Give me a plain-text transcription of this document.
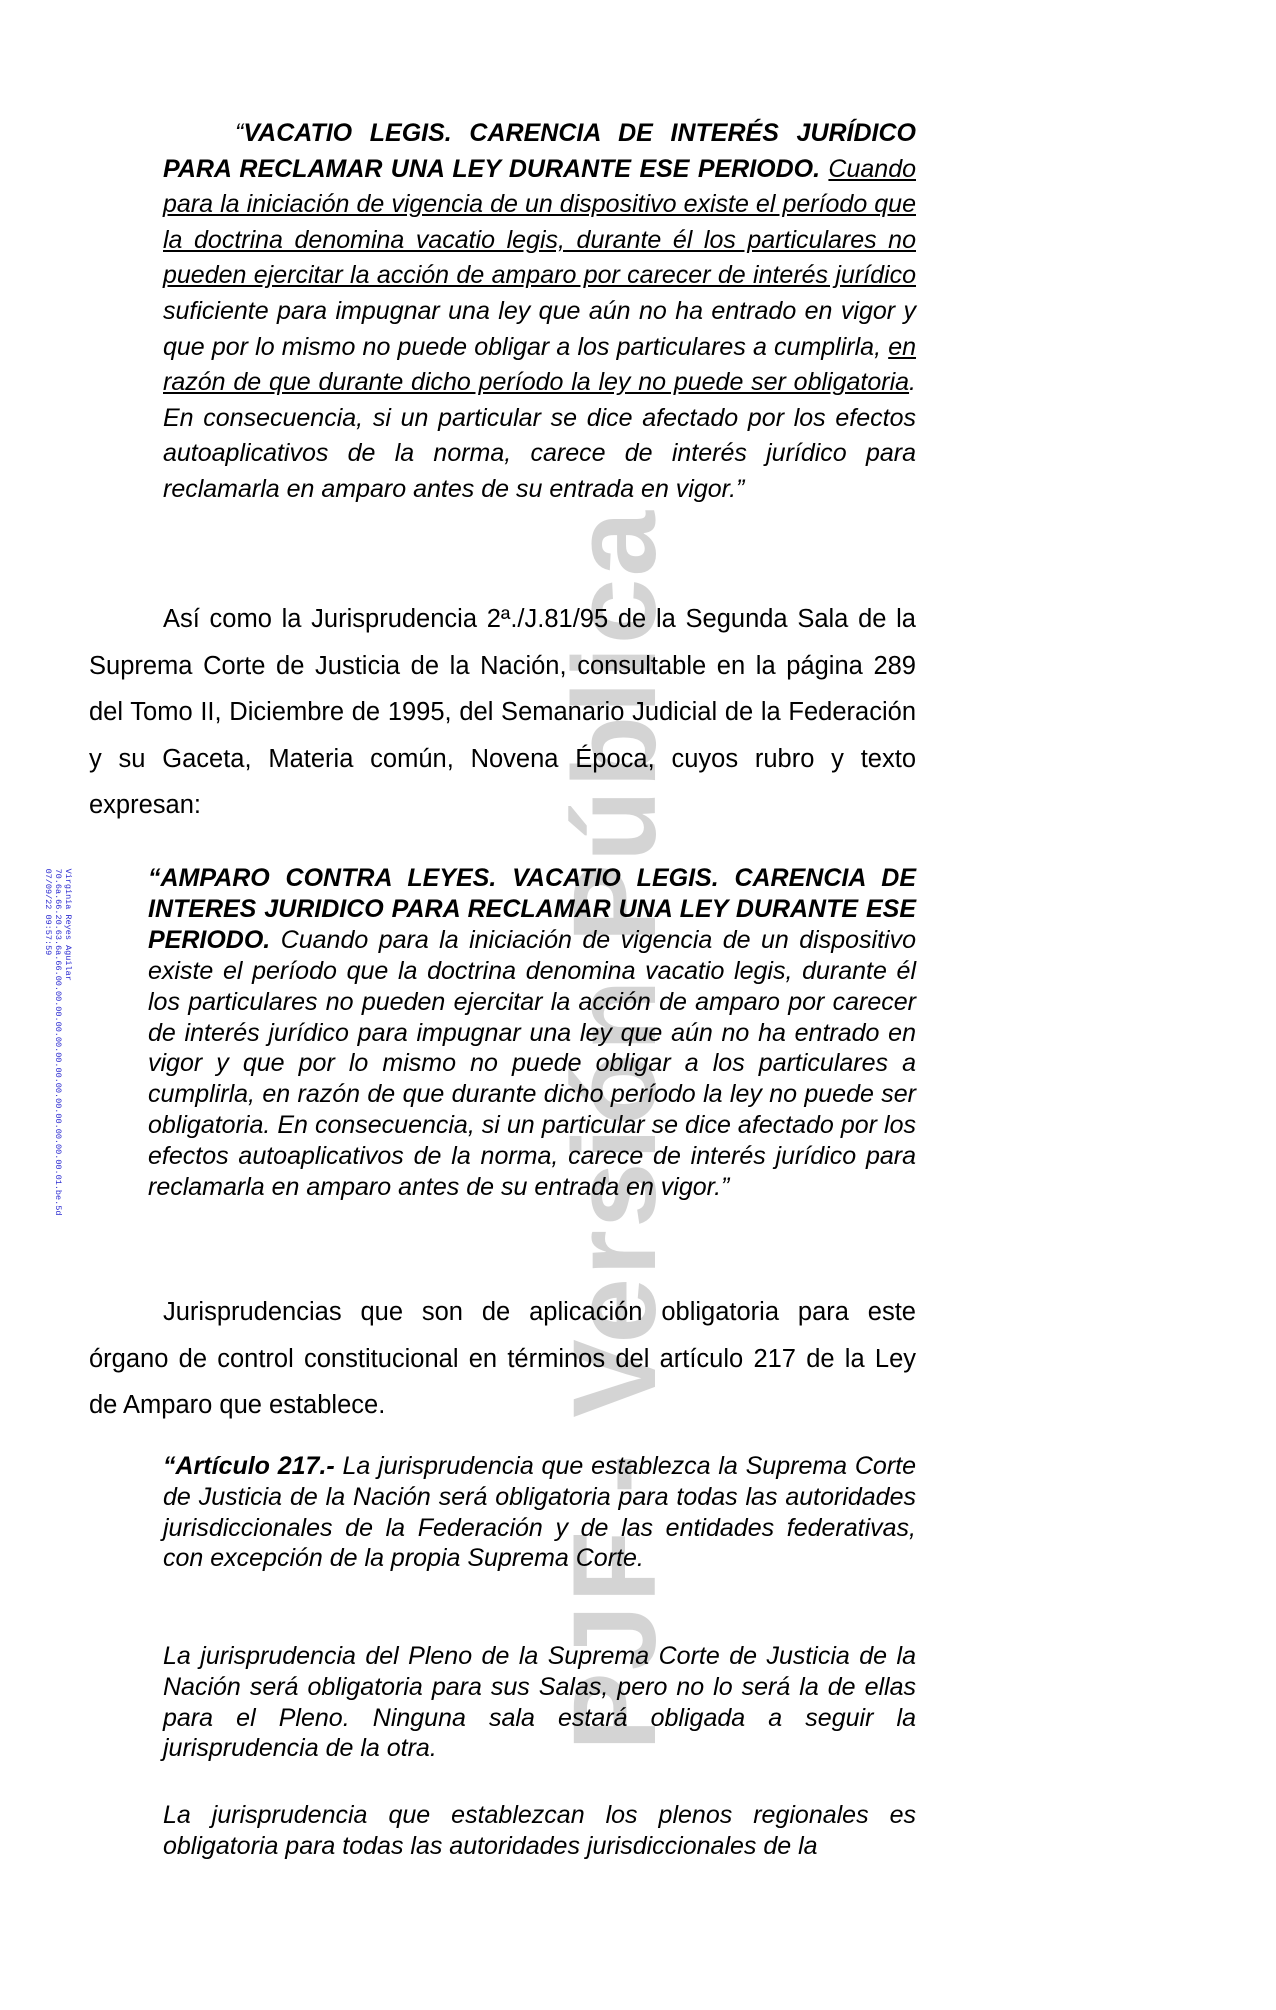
PJF - Versión Pública
Virginia Reyes Aguilar
70.6a.66.20.63.6a.66.00.00.00.00.00.00.00.00.00.00.00.00.00.01.be.5d
07/09/22 09:57:59

“VACATIO LEGIS. CARENCIA DE INTERÉS JURÍDICO PARA RECLAMAR UNA LEY DURANTE ESE PERIODO. Cuando para la iniciación de vigencia de un dispositivo existe el período que la doctrina denomina vacatio legis, durante él los particulares no pueden ejercitar la acción de amparo por carecer de interés jurídico suficiente para impugnar una ley que aún no ha entrado en vigor y que por lo mismo no puede obligar a los particulares a cumplirla, en razón de que durante dicho período la ley no puede ser obligatoria. En consecuencia, si un particular se dice afectado por los efectos autoaplicativos de la norma, carece de interés jurídico para reclamarla en amparo antes de su entrada en vigor.”

Así como la Jurisprudencia 2ª./J.81/95 de la Segunda Sala de la Suprema Corte de Justicia de la Nación, consultable en la página 289 del Tomo II, Diciembre de 1995, del Semanario Judicial de la Federación y su Gaceta, Materia común, Novena Época, cuyos rubro y texto expresan:

“AMPARO CONTRA LEYES. VACATIO LEGIS. CARENCIA DE INTERES JURIDICO PARA RECLAMAR UNA LEY DURANTE ESE PERIODO. Cuando para la iniciación de vigencia de un dispositivo existe el período que la doctrina denomina vacatio legis, durante él los particulares no pueden ejercitar la acción de amparo por carecer de interés jurídico para impugnar una ley que aún no ha entrado en vigor y que por lo mismo no puede obligar a los particulares a cumplirla, en razón de que durante dicho período la ley no puede ser obligatoria. En consecuencia, si un particular se dice afectado por los efectos autoaplicativos de la norma, carece de interés jurídico para reclamarla en amparo antes de su entrada en vigor.”

Jurisprudencias que son de aplicación obligatoria para este órgano de control constitucional en términos del artículo 217 de la Ley de Amparo que establece.

“Artículo 217.- La jurisprudencia que establezca la Suprema Corte de Justicia de la Nación será obligatoria para todas las autoridades jurisdiccionales de la Federación y de las entidades federativas, con excepción de la propia Suprema Corte.

La jurisprudencia del Pleno de la Suprema Corte de Justicia de la Nación será obligatoria para sus Salas, pero no lo será la de ellas para el Pleno. Ninguna sala estará obligada a seguir la jurisprudencia de la otra.

La jurisprudencia que establezcan los plenos regionales es obligatoria para todas las autoridades jurisdiccionales de la
